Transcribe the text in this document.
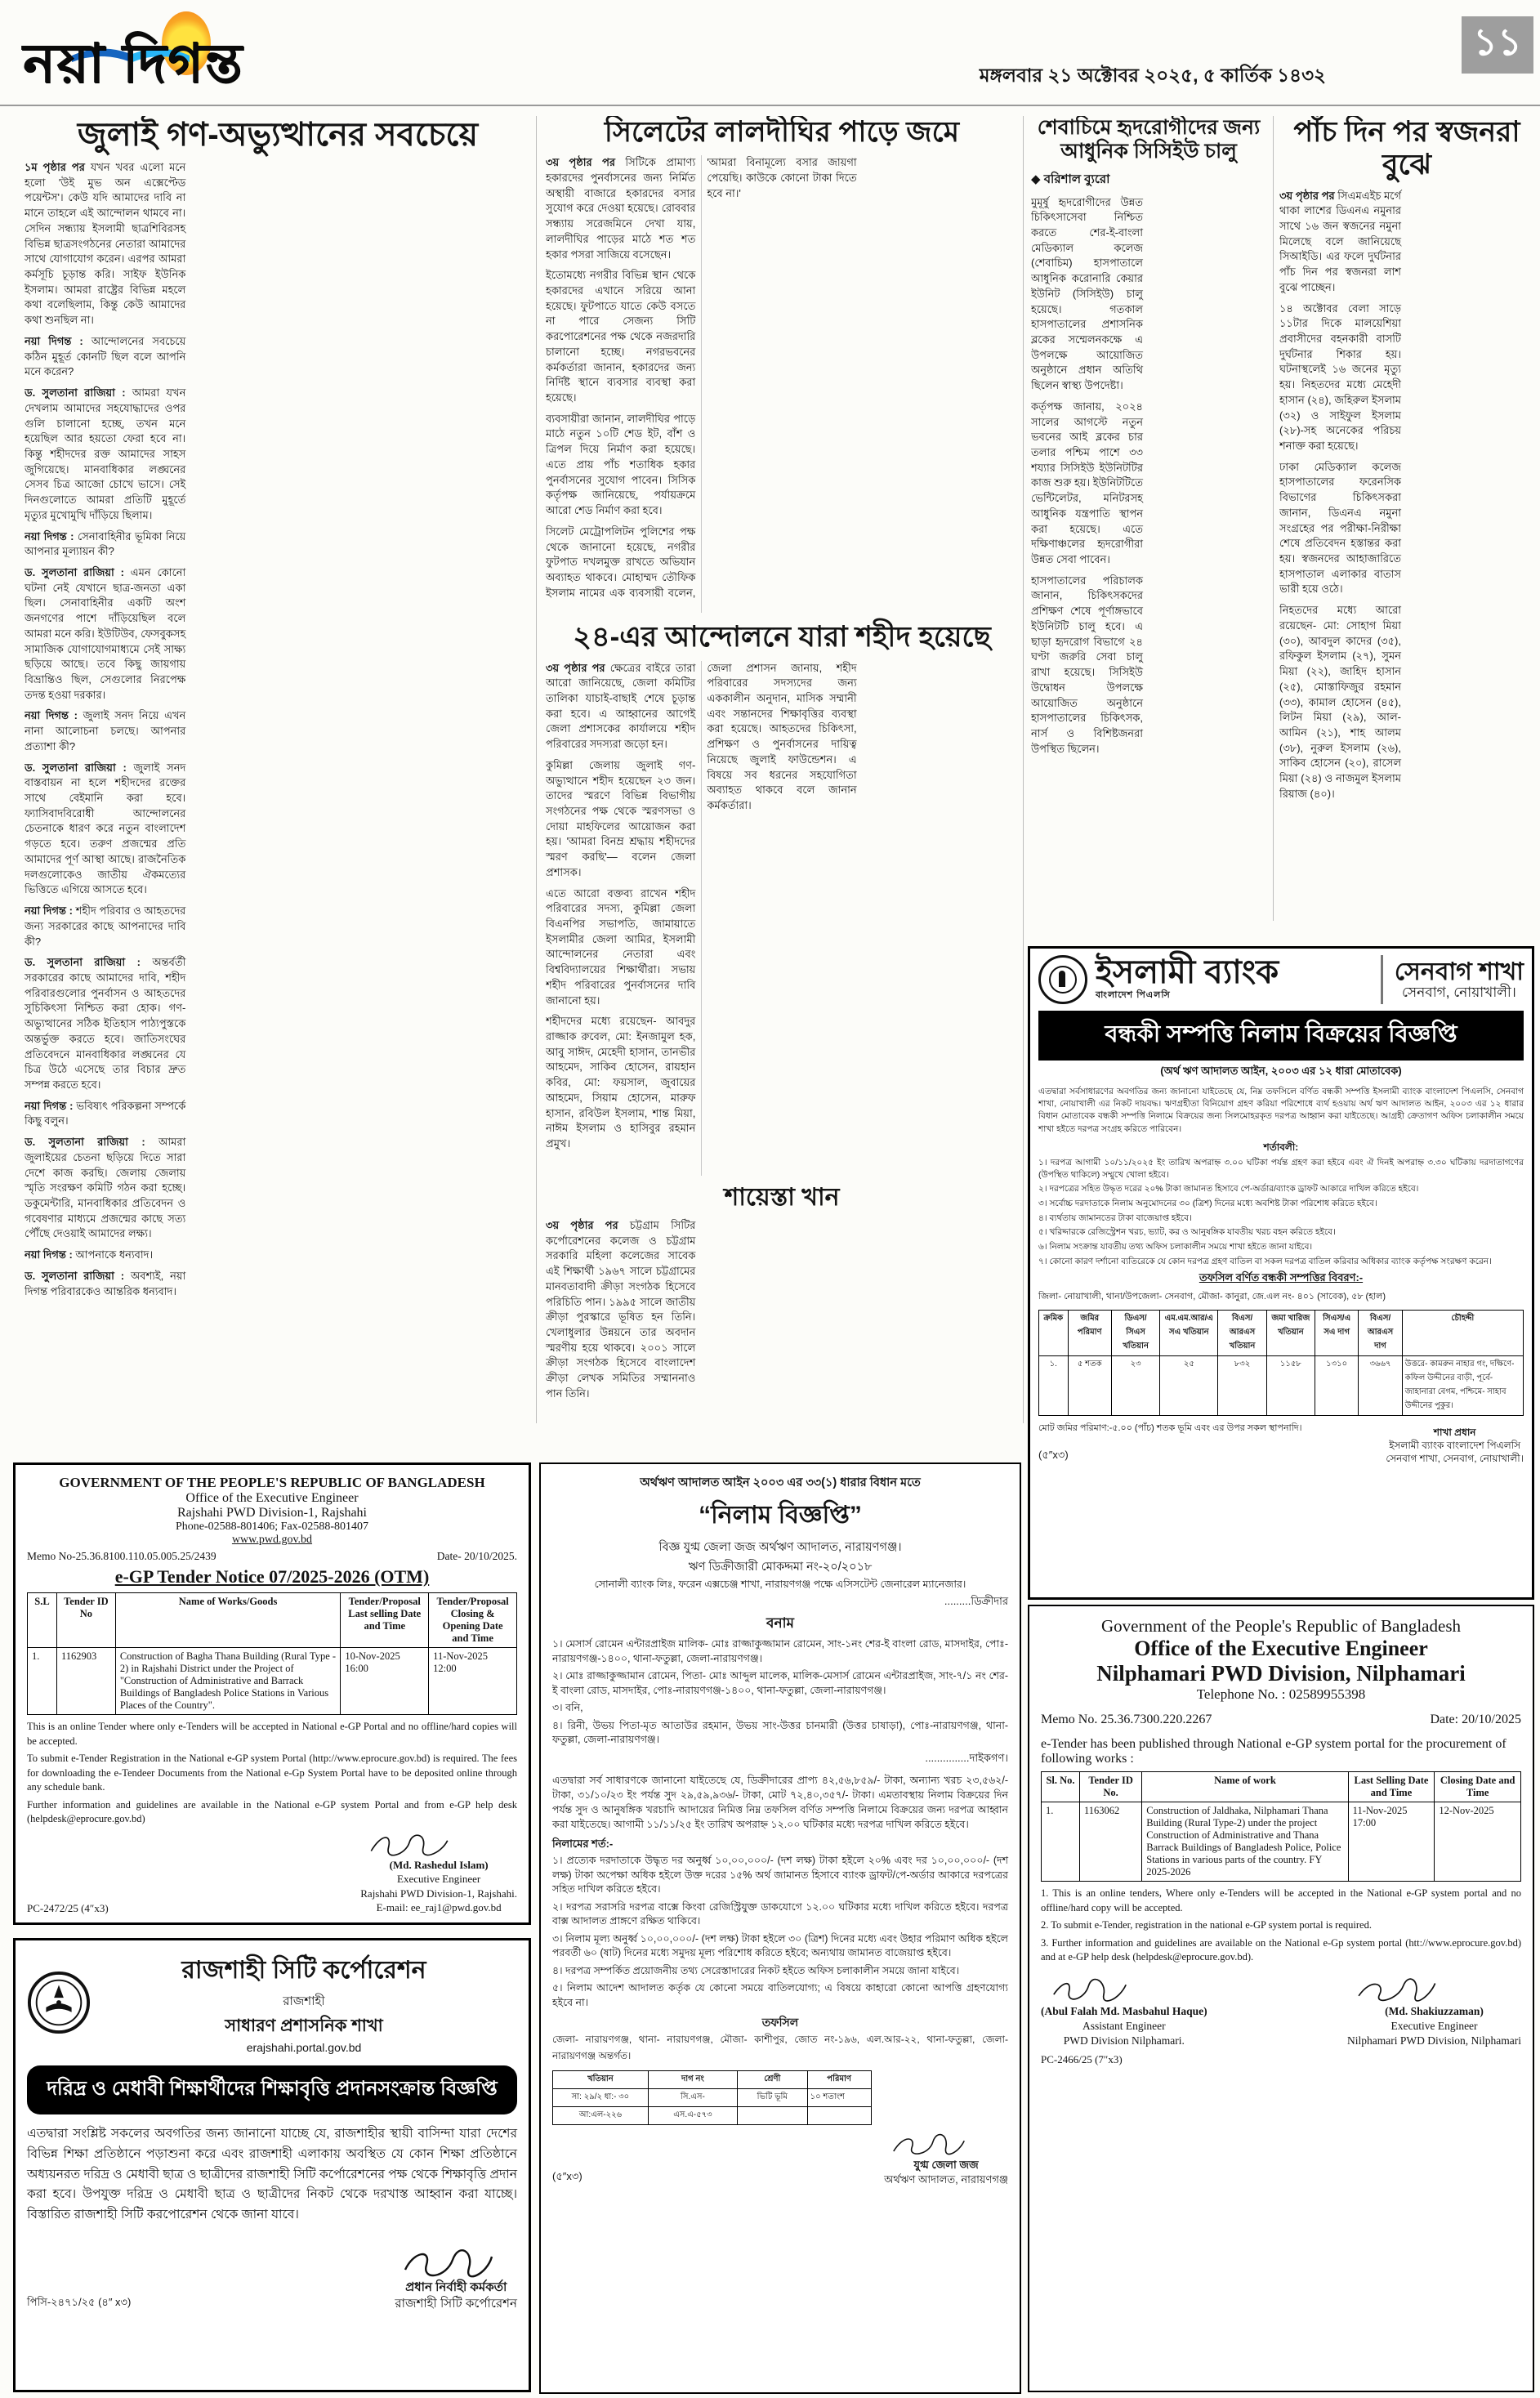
নয়া দিগন্ত	মঙ্গলবার ২১ অক্টোবর ২০২৫, ৫ কার্তিক ১৪৩২
১১
জুলাই গণ-অভ্যুত্থানের সবচেয়ে

১ম পৃষ্ঠার পর যখন খবর এলো মনে হলো 'উই মুভ অন এক্সেপ্টেড পয়েন্টস'। কেউ যদি আমাদের দাবি না মানে তাহলে এই আন্দোলন থামবে না। সেদিন সন্ধ্যায় ইসলামী ছাত্রশিবিরসহ বিভিন্ন ছাত্রসংগঠনের নেতারা আমাদের সাথে যোগাযোগ করেন। এরপর আমরা কর্মসূচি চূড়ান্ত করি। সাইফ ইউনিক ইসলাম। আমরা রাষ্ট্রের বিভিন্ন মহলে কথা বলেছিলাম, কিন্তু কেউ আমাদের কথা শুনছিল না।

নয়া দিগন্ত : আন্দোলনের সবচেয়ে কঠিন মুহূর্ত কোনটি ছিল বলে আপনি মনে করেন?

ড. সুলতানা রাজিয়া : আমরা যখন দেখলাম আমাদের সহযোদ্ধাদের ওপর গুলি চালানো হচ্ছে, তখন মনে হয়েছিল আর হয়তো ফেরা হবে না। কিন্তু শহীদদের রক্ত আমাদের সাহস জুগিয়েছে। মানবাধিকার লঙ্ঘনের সেসব চিত্র আজো চোখে ভাসে। সেই দিনগুলোতে আমরা প্রতিটি মুহূর্তে মৃত্যুর মুখোমুখি দাঁড়িয়ে ছিলাম।

নয়া দিগন্ত : সেনাবাহিনীর ভূমিকা নিয়ে আপনার মূল্যায়ন কী?

ড. সুলতানা রাজিয়া : এমন কোনো ঘটনা নেই যেখানে ছাত্র-জনতা একা ছিল। সেনাবাহিনীর একটি অংশ জনগণের পাশে দাঁড়িয়েছিল বলে আমরা মনে করি। ইউটিউব, ফেসবুকসহ সামাজিক যোগাযোগমাধ্যমে সেই সাক্ষ্য ছড়িয়ে আছে। তবে কিছু জায়গায় বিভ্রান্তিও ছিল, সেগুলোর নিরপেক্ষ তদন্ত হওয়া দরকার।

নয়া দিগন্ত : জুলাই সনদ নিয়ে এখন নানা আলোচনা চলছে। আপনার প্রত্যাশা কী?

ড. সুলতানা রাজিয়া : জুলাই সনদ বাস্তবায়ন না হলে শহীদদের রক্তের সাথে বেইমানি করা হবে। ফ্যাসিবাদবিরোধী আন্দোলনের চেতনাকে ধারণ করে নতুন বাংলাদেশ গড়তে হবে। তরুণ প্রজন্মের প্রতি আমাদের পূর্ণ আস্থা আছে। রাজনৈতিক দলগুলোকেও জাতীয় ঐকমত্যের ভিত্তিতে এগিয়ে আসতে হবে।

নয়া দিগন্ত : শহীদ পরিবার ও আহতদের জন্য সরকারের কাছে আপনাদের দাবি কী?

ড. সুলতানা রাজিয়া : অন্তর্বর্তী সরকারের কাছে আমাদের দাবি, শহীদ পরিবারগুলোর পুনর্বাসন ও আহতদের সুচিকিৎসা নিশ্চিত করা হোক। গণ-অভ্যুত্থানের সঠিক ইতিহাস পাঠ্যপুস্তকে অন্তর্ভুক্ত করতে হবে। জাতিসংঘের প্রতিবেদনে মানবাধিকার লঙ্ঘনের যে চিত্র উঠে এসেছে তার বিচার দ্রুত সম্পন্ন করতে হবে।

নয়া দিগন্ত : ভবিষ্যৎ পরিকল্পনা সম্পর্কে কিছু বলুন।

ড. সুলতানা রাজিয়া : আমরা জুলাইয়ের চেতনা ছড়িয়ে দিতে সারা দেশে কাজ করছি। জেলায় জেলায় স্মৃতি সংরক্ষণ কমিটি গঠন করা হচ্ছে। ডকুমেন্টারি, মানবাধিকার প্রতিবেদন ও গবেষণার মাধ্যমে প্রজন্মের কাছে সত্য পৌঁছে দেওয়াই আমাদের লক্ষ্য।

নয়া দিগন্ত : আপনাকে ধন্যবাদ।

ড. সুলতানা রাজিয়া : অবশ্যই, নয়া দিগন্ত পরিবারকেও আন্তরিক ধন্যবাদ।

সিলেটের লালদীঘির পাড়ে জমে

৩য় পৃষ্ঠার পর সিটিকে প্রামাণ্য হকারদের পুনর্বাসনের জন্য নির্মিত অস্থায়ী বাজারে হকারদের বসার সুযোগ করে দেওয়া হয়েছে। রোববার সন্ধ্যায় সরেজমিনে দেখা যায়, লালদীঘির পাড়ের মাঠে শত শত হকার পসরা সাজিয়ে বসেছেন।

ইতোমধ্যে নগরীর বিভিন্ন স্থান থেকে হকারদের এখানে সরিয়ে আনা হয়েছে। ফুটপাতে যাতে কেউ বসতে না পারে সেজন্য সিটি করপোরেশনের পক্ষ থেকে নজরদারি চালানো হচ্ছে। নগরভবনের কর্মকর্তারা জানান, হকারদের জন্য নির্দিষ্ট স্থানে ব্যবসার ব্যবস্থা করা হয়েছে।

ব্যবসায়ীরা জানান, লালদীঘির পাড়ে মাঠে নতুন ১০টি শেড ইট, বাঁশ ও ত্রিপল দিয়ে নির্মাণ করা হয়েছে। এতে প্রায় পাঁচ শতাধিক হকার পুনর্বাসনের সুযোগ পাবেন। সিসিক কর্তৃপক্ষ জানিয়েছে, পর্যায়ক্রমে আরো শেড নির্মাণ করা হবে।

সিলেট মেট্রোপলিটন পুলিশের পক্ষ থেকে জানানো হয়েছে, নগরীর ফুটপাত দখলমুক্ত রাখতে অভিযান অব্যাহত থাকবে। মোহাম্মদ তৌফিক ইসলাম নামের এক ব্যবসায়ী বলেন, 'আমরা বিনামূল্যে বসার জায়গা পেয়েছি। কাউকে কোনো টাকা দিতে হবে না।'

২৪-এর আন্দোলনে যারা শহীদ হয়েছে

৩য় পৃষ্ঠার পর ক্ষেত্রের বাইরে তারা আরো জানিয়েছে, জেলা কমিটির তালিকা যাচাই-বাছাই শেষে চূড়ান্ত করা হবে। এ আহ্বানের আগেই জেলা প্রশাসকের কার্যালয়ে শহীদ পরিবারের সদস্যরা জড়ো হন।

কুমিল্লা জেলায় জুলাই গণ-অভ্যুত্থানে শহীদ হয়েছেন ২৩ জন। তাদের স্মরণে বিভিন্ন বিভাগীয় সংগঠনের পক্ষ থেকে স্মরণসভা ও দোয়া মাহফিলের আয়োজন করা হয়। 'আমরা বিনম্র শ্রদ্ধায় শহীদদের স্মরণ করছি'— বলেন জেলা প্রশাসক।

এতে আরো বক্তব্য রাখেন শহীদ পরিবারের সদস্য, কুমিল্লা জেলা বিএনপির সভাপতি, জামায়াতে ইসলামীর জেলা আমির, ইসলামী আন্দোলনের নেতারা এবং বিশ্ববিদ্যালয়ের শিক্ষার্থীরা। সভায় শহীদ পরিবারের পুনর্বাসনের দাবি জানানো হয়।

শহীদদের মধ্যে রয়েছেন- আবদুর রাজ্জাক রুবেল, মো: ইনজামুল হক, আবু সাঈদ, মেহেদী হাসান, তানভীর আহমেদ, সাকিব হোসেন, রায়হান কবির, মো: ফয়সাল, জুবায়ের আহমেদ, সিয়াম হোসেন, মারুফ হাসান, রবিউল ইসলাম, শান্ত মিয়া, নাঈম ইসলাম ও হাসিবুর রহমান প্রমুখ।

জেলা প্রশাসন জানায়, শহীদ পরিবারের সদস্যদের জন্য এককালীন অনুদান, মাসিক সম্মানী এবং সন্তানদের শিক্ষাবৃত্তির ব্যবস্থা করা হয়েছে। আহতদের চিকিৎসা, প্রশিক্ষণ ও পুনর্বাসনের দায়িত্ব নিয়েছে জুলাই ফাউন্ডেশন। এ বিষয়ে সব ধরনের সহযোগিতা অব্যাহত থাকবে বলে জানান কর্মকর্তারা।

শায়েস্তা খান

৩য় পৃষ্ঠার পর চট্টগ্রাম সিটির কর্পোরেশনের কলেজ ও চট্টগ্রাম সরকারি মহিলা কলেজের সাবেক এই শিক্ষার্থী ১৯৬৭ সালে চট্টগ্রামের মানবতাবাদী ক্রীড়া সংগঠক হিসেবে পরিচিতি পান। ১৯৯৫ সালে জাতীয় ক্রীড়া পুরস্কারে ভূষিত হন তিনি। খেলাধুলার উন্নয়নে তার অবদান স্মরণীয় হয়ে থাকবে। ২০০১ সালে ক্রীড়া সংগঠক হিসেবে বাংলাদেশ ক্রীড়া লেখক সমিতির সম্মাননাও পান তিনি।

শেবাচিমে হৃদরোগীদের জন্য আধুনিক সিসিইউ চালু
◆ বরিশাল ব্যুরো

মুমূর্ষু হৃদরোগীদের উন্নত চিকিৎসাসেবা নিশ্চিত করতে শের-ই-বাংলা মেডিক্যাল কলেজ (শেবাচিম) হাসপাতালে আধুনিক করোনারি কেয়ার ইউনিট (সিসিইউ) চালু হয়েছে। গতকাল হাসপাতালের প্রশাসনিক ব্লকের সম্মেলনকক্ষে এ উপলক্ষে আয়োজিত অনুষ্ঠানে প্রধান অতিথি ছিলেন স্বাস্থ্য উপদেষ্টা।

কর্তৃপক্ষ জানায়, ২০২৪ সালের আগস্টে নতুন ভবনের আই ব্লকের চার তলার পশ্চিম পাশে ৩৩ শয্যার সিসিইউ ইউনিটটির কাজ শুরু হয়। ইউনিটটিতে ভেন্টিলেটর, মনিটরসহ আধুনিক যন্ত্রপাতি স্থাপন করা হয়েছে। এতে দক্ষিণাঞ্চলের হৃদরোগীরা উন্নত সেবা পাবেন।

হাসপাতালের পরিচালক জানান, চিকিৎসকদের প্রশিক্ষণ শেষে পূর্ণাঙ্গভাবে ইউনিটটি চালু হবে। এ ছাড়া হৃদরোগ বিভাগে ২৪ ঘণ্টা জরুরি সেবা চালু রাখা হয়েছে। সিসিইউ উদ্বোধন উপলক্ষে আয়োজিত অনুষ্ঠানে হাসপাতালের চিকিৎসক, নার্স ও বিশিষ্টজনরা উপস্থিত ছিলেন।

পাঁচ দিন পর স্বজনরা বুঝে

৩য় পৃষ্ঠার পর সিএমএইচ মর্গে থাকা লাশের ডিএনএ নমুনার সাথে ১৬ জন স্বজনের নমুনা মিলেছে বলে জানিয়েছে সিআইডি। এর ফলে দুর্ঘটনার পাঁচ দিন পর স্বজনরা লাশ বুঝে পাচ্ছেন।

১৪ অক্টোবর বেলা সাড়ে ১১টার দিকে মালয়েশিয়া প্রবাসীদের বহনকারী বাসটি দুর্ঘটনার শিকার হয়। ঘটনাস্থলেই ১৬ জনের মৃত্যু হয়। নিহতদের মধ্যে মেহেদী হাসান (২৪), জহিরুল ইসলাম (৩২) ও সাইফুল ইসলাম (২৮)-সহ অনেকের পরিচয় শনাক্ত করা হয়েছে।

ঢাকা মেডিক্যাল কলেজ হাসপাতালের ফরেনসিক বিভাগের চিকিৎসকরা জানান, ডিএনএ নমুনা সংগ্রহের পর পরীক্ষা-নিরীক্ষা শেষে প্রতিবেদন হস্তান্তর করা হয়। স্বজনদের আহাজারিতে হাসপাতাল এলাকার বাতাস ভারী হয়ে ওঠে।

নিহতদের মধ্যে আরো রয়েছেন- মো: সোহাগ মিয়া (৩০), আবদুল কাদের (৩৫), রফিকুল ইসলাম (২৭), সুমন মিয়া (২২), জাহিদ হাসান (২৫), মোস্তাফিজুর রহমান (৩৩), কামাল হোসেন (৪৫), লিটন মিয়া (২৯), আল-আমিন (২১), শাহ আলম (৩৮), নুরুল ইসলাম (২৬), সাকিব হোসেন (২০), রাসেল মিয়া (২৪) ও নাজমুল ইসলাম রিয়াজ (৪০)।

ইসলামী ব্যাংক
বাংলাদেশ পিএলসি
সেনবাগ শাখা
সেনবাগ, নোয়াখালী।
বন্ধকী সম্পত্তি নিলাম বিক্রয়ের বিজ্ঞপ্তি
(অর্থ ঋণ আদালত আইন, ২০০৩ এর ১২ ধারা মোতাবেক)

এতদ্বারা সর্বসাধারণের অবগতির জন্য জানানো যাইতেছে যে, নিম্ন তফসিলে বর্ণিত বন্ধকী সম্পত্তি ইসলামী ব্যাংক বাংলাদেশ পিএলসি, সেনবাগ শাখা, নোয়াখালী এর নিকট দায়বদ্ধ। ঋণগ্রহীতা বিনিয়োগ গ্রহণ করিয়া পরিশোধে ব্যর্থ হওয়ায় অর্থ ঋণ আদালত আইন, ২০০৩ এর ১২ ধারার বিধান মোতাবেক বন্ধকী সম্পত্তি নিলামে বিক্রয়ের জন্য সিলমোহরকৃত দরপত্র আহ্বান করা যাইতেছে। আগ্রহী ক্রেতাগণ অফিস চলাকালীন সময়ে শাখা হইতে দরপত্র সংগ্রহ করিতে পারিবেন।

শর্তাবলী:
১। দরপত্র আগামী ১০/১১/২০২৫ ইং তারিখ অপরাহ্ন ৩.০০ ঘটিকা পর্যন্ত গ্রহণ করা হইবে এবং ঐ দিনই অপরাহ্ন ৩.৩০ ঘটিকায় দরদাতাগণের (উপস্থিত থাকিলে) সম্মুখে খোলা হইবে।
২। দরপত্রের সহিত উদ্ধৃত দরের ২০% টাকা জামানত হিসাবে পে-অর্ডার/ব্যাংক ড্রাফট আকারে দাখিল করিতে হইবে।
৩। সর্বোচ্চ দরদাতাকে নিলাম অনুমোদনের ৩০ (ত্রিশ) দিনের মধ্যে অবশিষ্ট টাকা পরিশোধ করিতে হইবে।
৪। ব্যর্থতায় জামানতের টাকা বাজেয়াপ্ত হইবে।
৫। খরিদ্দারকে রেজিস্ট্রেশন খরচ, ভ্যাট, কর ও আনুষঙ্গিক যাবতীয় খরচ বহন করিতে হইবে।
৬। নিলাম সংক্রান্ত যাবতীয় তথ্য অফিস চলাকালীন সময়ে শাখা হইতে জানা যাইবে।
৭। কোনো কারণ দর্শানো ব্যতিরেকে যে কোন দরপত্র গ্রহণ বাতিল বা সকল দরপত্র বাতিল করিবার অধিকার ব্যাংক কর্তৃপক্ষ সংরক্ষণ করেন।
তফসিল বর্ণিত বন্ধকী সম্পত্তির বিবরণ:-
জিলা- নোয়াখালী, থানা/উপজেলা- সেনবাগ, মৌজা- কানুরা, জে.এল নং- ৪০১ (সাবেক), ৫৮ (হাল)
ক্রমিক	জমির পরিমাণ	ডিএস/ সিএস খতিয়ান	এম.এম.আর/এ সএ খতিয়ান	বিএস/ আরএস খতিয়ান	জমা খারিজ খতিয়ান	সিএস/এ সএ দাগ	বিএস/ আরএস দাগ	চৌহদ্দী
১.	৫ শতক	২৩	২৫	৮৩২	১১৫৮	১৩১০	৩৬৬৭	উত্তরে- কামরুন নাহার গং, দক্ষিণে- কফিল উদ্দীনের বাড়ী, পূর্বে-জাহানারা বেগম, পশ্চিমে- সাহাব উদ্দীনের পুকুর।
মোট জমির পরিমাণ:-৫.০০ (পাঁচ) শতক ভূমি এবং এর উপর সকল স্থাপনাদি।
(৫″x৩)
শাখা প্রধান
ইসলামী ব্যাংক বাংলাদেশ পিএলসি
সেনবাগ শাখা, সেনবাগ, নোয়াখালী।
GOVERNMENT OF THE PEOPLE'S REPUBLIC OF BANGLADESH
Office of the Executive Engineer
Rajshahi PWD Division-1, Rajshahi
Phone-02588-801406; Fax-02588-801407
www.pwd.gov.bd
Memo No-25.36.8100.110.05.005.25/2439	Date- 20/10/2025.
e-GP Tender Notice 07/2025-2026 (OTM)
S.L	Tender ID No	Name of Works/Goods	Tender/Proposal Last selling Date and Time	Tender/Proposal Closing & Opening Date and Time
1.	1162903	Construction of Bagha Thana Building (Rural Type - 2) in Rajshahi District under the Project of "Construction of Administrative and Barrack Buildings of Bangladesh Police Stations in Various Places of the Country".	10-Nov-2025 16:00	11-Nov-2025 12:00
This is an online Tender where only e-Tenders will be accepted in National e-GP Portal and no offline/hard copies will be accepted.
To submit e-Tender Registration in the National e-GP system Portal (http://www.eprocure.gov.bd) is required. The fees for downloading the e-Tendeer Documents from the National e-Gp System Portal have to be deposited online through any schedule bank.
Further information and guidelines are available in the National e-GP system Portal and from e-GP help desk (helpdesk@eprocure.gov.bd)
PC-2472/25 (4″x3)
(Md. Rashedul Islam)
Executive Engineer
Rajshahi PWD Division-1, Rajshahi.
E-mail: ee_raj1@pwd.gov.bd
রাজশাহী সিটি কর্পোরেশন
রাজশাহী
সাধারণ প্রশাসনিক শাখা
erajshahi.portal.gov.bd
দরিদ্র ও মেধাবী শিক্ষার্থীদের শিক্ষাবৃত্তি প্রদানসংক্রান্ত বিজ্ঞপ্তি

এতদ্বারা সংশ্লিষ্ট সকলের অবগতির জন্য জানানো যাচ্ছে যে, রাজশাহীর স্থায়ী বাসিন্দা যারা দেশের বিভিন্ন শিক্ষা প্রতিষ্ঠানে পড়াশুনা করে এবং রাজশাহী এলাকায় অবস্থিত যে কোন শিক্ষা প্রতিষ্ঠানে অধ্যয়নরত দরিদ্র ও মেধাবী ছাত্র ও ছাত্রীদের রাজশাহী সিটি কর্পোরেশনের পক্ষ থেকে শিক্ষাবৃত্তি প্রদান করা হবে। উপযুক্ত দরিদ্র ও মেধাবী ছাত্র ও ছাত্রীদের নিকট থেকে দরখাস্ত আহ্বান করা যাচ্ছে। বিস্তারিত রাজশাহী সিটি করপোরেশন থেকে জানা যাবে।

পিসি-২৪৭১/২৫ (৪″ x৩)
প্রধান নির্বাহী কর্মকর্তা
রাজশাহী সিটি কর্পোরেশন
অর্থঋণ আদালত আইন ২০০৩ এর ৩৩(১) ধারার বিধান মতে
“নিলাম বিজ্ঞপ্তি”
বিজ্ঞ যুগ্ম জেলা জজ অর্থঋণ আদালত, নারায়ণগঞ্জ।
ঋণ ডিক্রীজারী মোকদ্দমা নং-২০/২০১৮
সোনালী ব্যাংক লিঃ, ফরেন এক্সচেঞ্জ শাখা, নারায়ণগঞ্জ পক্ষে এসিসটেন্ট জেনারেল ম্যানেজার।
.........ডিক্রীদার
বনাম
১। মেসার্স রোমেন এন্টারপ্রাইজ মালিক- মোঃ রাজ্জাকুজ্জামান রোমেন, সাং-১নং শের-ই বাংলা রোড, মাসদাইর, পোঃ-নারায়ণগঞ্জ-১৪০০, থানা-ফতুল্লা, জেলা-নারায়ণগঞ্জ।
২। মোঃ রাজ্জাকুজ্জামান রোমেন, পিতা- মোঃ আব্দুল মালেক, মালিক-মেসার্স রোমেন এন্টারপ্রাইজ, সাং-৭/১ নং শের-ই বাংলা রোড, মাসদাইর, পোঃ-নারায়ণগঞ্জ-১৪০০, থানা-ফতুল্লা, জেলা-নারায়ণগঞ্জ।
৩। বনি,
৪। রিনী, উভয় পিতা-মৃত আতাউর রহমান, উভয় সাং-উত্তর চানমারী (উত্তর চাষাড়া), পোঃ-নারায়ণগঞ্জ, থানা-ফতুল্লা, জেলা-নারায়ণগঞ্জ।
...............দাইকগণ।

এতদ্বারা সর্ব সাধারণকে জানানো যাইতেছে যে, ডিক্রীদারের প্রাপ্য ৪২,৫৬,৮৫৯/- টাকা, অন্যান্য খরচ ২৩,৫৬২/- টাকা, ৩১/১০/২৩ ইং পর্যন্ত সুদ ২৯,৫৯,৯৩৬/- টাকা, মোট ৭২,৪০,৩৫৭/- টাকা। এমতাবস্থায় নিলাম বিক্রয়ের দিন পর্যন্ত সুদ ও আনুষঙ্গিক খরচাদি আদায়ের নিমিত্ত নিম্ন তফসিল বর্ণিত সম্পত্তি নিলামে বিক্রয়ের জন্য দরপত্র আহ্বান করা যাইতেছে। আগামী ১১/১১/২৫ ইং তারিখ অপরাহ্ন ১২.০০ ঘটিকার মধ্যে দরপত্র দাখিল করিতে হইবে।

নিলামের শর্ত:-
১। প্রত্যেক দরদাতাকে উদ্ধৃত দর অনুর্ধ্ব ১০,০০,০০০/- (দশ লক্ষ) টাকা হইলে ২০% এবং দর ১০,০০,০০০/- (দশ লক্ষ) টাকা অপেক্ষা অধিক হইলে উক্ত দরের ১৫% অর্থ জামানত হিসাবে ব্যাংক ড্রাফট/পে-অর্ডার আকারে দরপত্রের সহিত দাখিল করিতে হইবে।
২। দরপত্র সরাসরি দরপত্র বাক্সে কিংবা রেজিস্ট্রিযুক্ত ডাকযোগে ১২.০০ ঘটিকার মধ্যে দাখিল করিতে হইবে। দরপত্র বাক্স আদালত প্রাঙ্গণে রক্ষিত থাকিবে।
৩। নিলাম মূল্য অনুর্ধ্ব ১০,০০,০০০/- (দশ লক্ষ) টাকা হইলে ৩০ (ত্রিশ) দিনের মধ্যে এবং উহার পরিমাণ অধিক হইলে পরবর্তী ৬০ (ষাট) দিনের মধ্যে সমুদয় মূল্য পরিশোধ করিতে হইবে; অন্যথায় জামানত বাজেয়াপ্ত হইবে।
৪। দরপত্র সম্পর্কিত প্রয়োজনীয় তথ্য সেরেস্তাদারের নিকট হইতে অফিস চলাকালীন সময়ে জানা যাইবে।
৫। নিলাম আদেশ আদালত কর্তৃক যে কোনো সময়ে বাতিলযোগ্য; এ বিষয়ে কাহারো কোনো আপত্তি গ্রহণযোগ্য হইবে না।
তফসিল
জেলা- নারায়ণগঞ্জ, থানা- নারায়ণগঞ্জ, মৌজা- কাশীপুর, জোত নং-১৯৬, এল.আর-২২, থানা-ফতুল্লা, জেলা-নারায়ণগঞ্জ অন্তর্গত।
খতিয়ান	দাগ নং	শ্রেণী	পরিমাণ
সা: ২৯/২ ধা:- ৩০	সি.এস-	ভিটি ভূমি	১০ শতাংশ
আ:এল-২২৬	এস.এ-৫৭৩		
(৫″x৩)
যুগ্ম জেলা জজ
অর্থঋণ আদালত, নারায়ণগঞ্জ
Government of the People's Republic of Bangladesh
Office of the Executive Engineer
Nilphamari PWD Division, Nilphamari
Telephone No. : 02589955398
Memo No. 25.36.7300.220.2267	Date: 20/10/2025

e-Tender has been published through National e-GP system portal for the procurement of following works :

Sl. No.	Tender ID No.	Name of work	Last Selling Date and Time	Closing Date and Time
1.	1163062	Construction of Jaldhaka, Nilphamari Thana Building (Rural Type-2) under the project Construction of Administrative and Thana Barrack Buildings of Bangladesh Police, Police Stations in various parts of the country. FY 2025-2026	11-Nov-2025 17:00	12-Nov-2025
1. This is an online tenders, Where only e-Tenders will be accepted in the National e-GP system portal and no offline/hard copy will be accepted.
2. To submit e-Tender, registration in the national e-GP system portal is required.
3. Further information and guidelines are available on the National e-Gp system portal (htt://www.eprocure.gov.bd) and at e-GP help desk (helpdesk@eprocure.gov.bd).
(Abul Falah Md. Masbahul Haque)
Assistant Engineer
PWD Division Nilphamari.
(Md. Shakiuzzaman)
Executive Engineer
Nilphamari PWD Division, Nilphamari
PC-2466/25 (7″x3)
